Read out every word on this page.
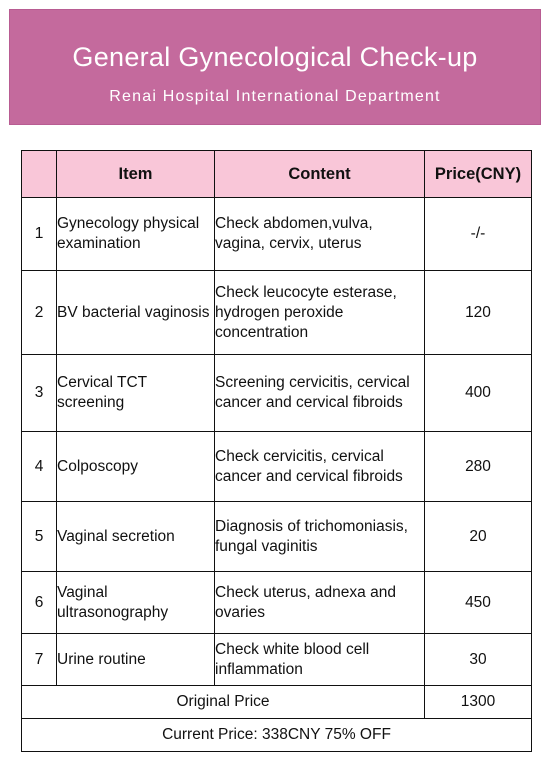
General Gynecological Check-up
Renai Hospital International Department
	Item	Content	Price(CNY)
1	Gynecology physical examination	Check abdomen,vulva, vagina, cervix, uterus	-/-
2	BV bacterial vaginosis	Check leucocyte esterase, hydrogen peroxide concentration	120
3	Cervical TCT screening	Screening cervicitis, cervical cancer and cervical fibroids	400
4	Colposcopy	Check cervicitis, cervical cancer and cervical fibroids	280
5	Vaginal secretion	Diagnosis of trichomoniasis, fungal vaginitis	20
6	Vaginal ultrasonography	Check uterus, adnexa and ovaries	450
7	Urine routine	Check white blood cell inflammation	30
Original Price			1300
Current Price: 338CNY 75% OFF			
